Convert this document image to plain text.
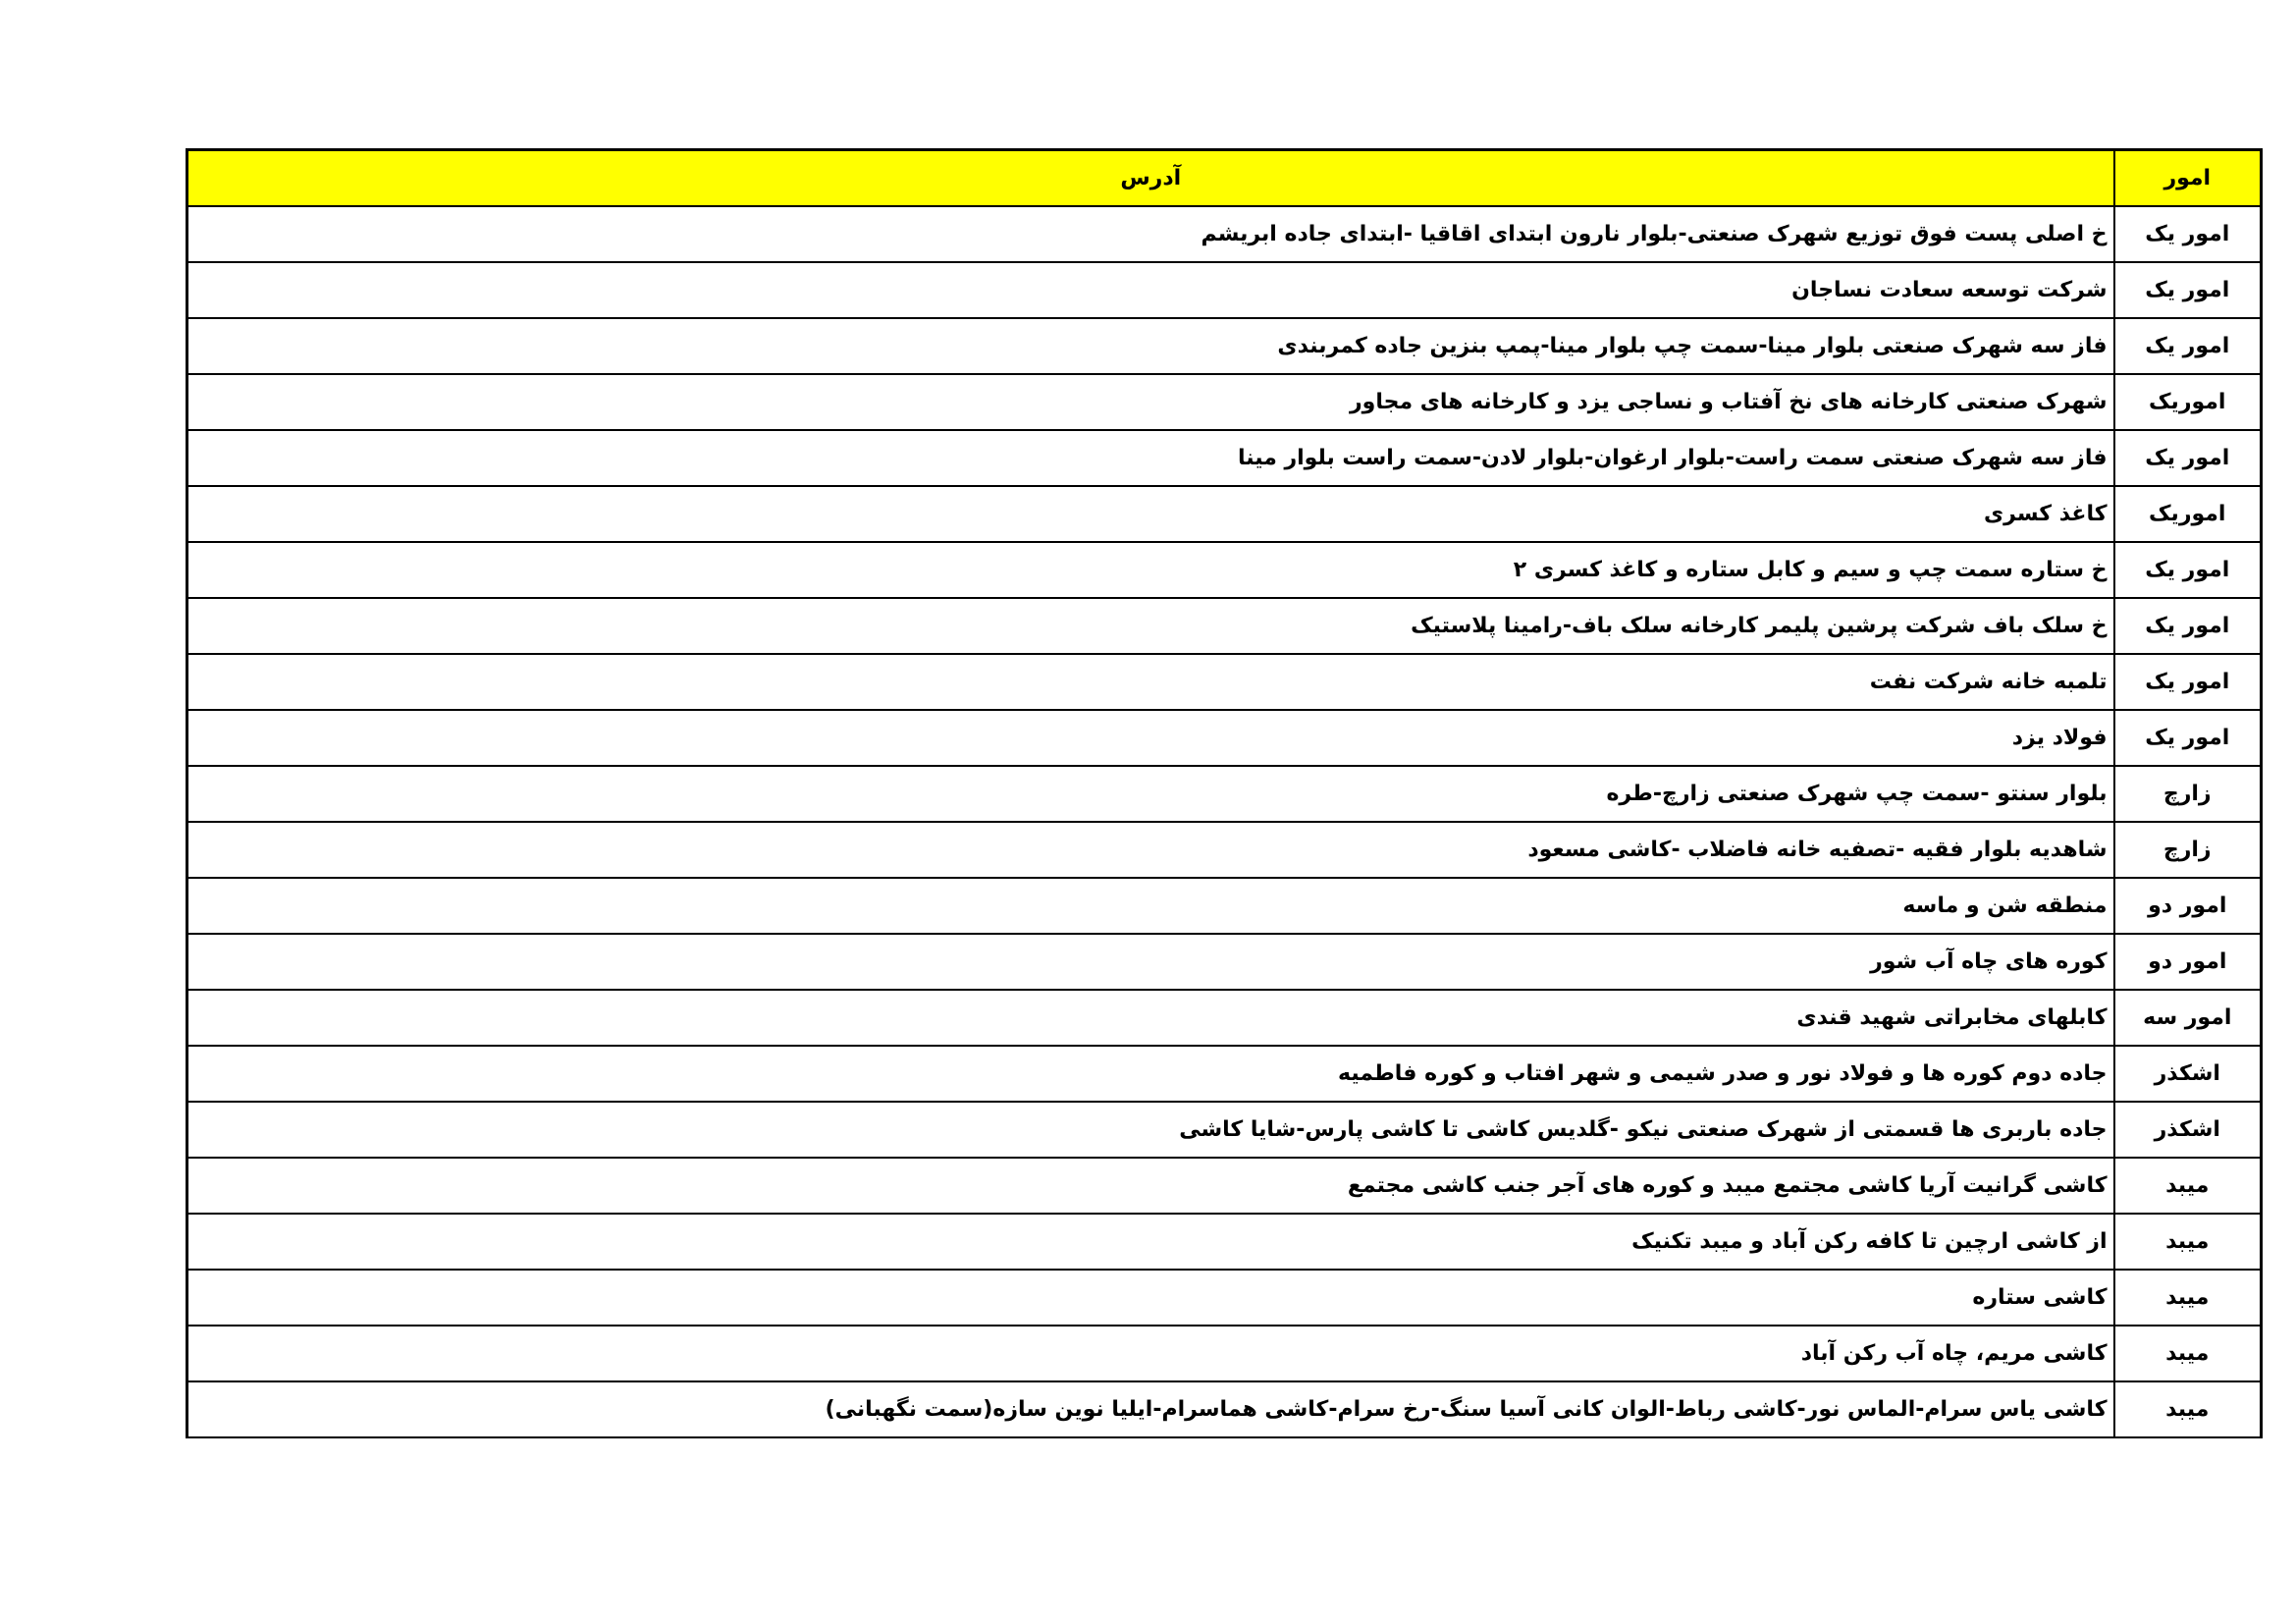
امور	آدرس
امور یک	خ اصلی پست فوق توزیع شهرک صنعتی-بلوار نارون ابتدای اقاقیا -ابتدای جاده ابریشم
امور یک	شرکت توسعه سعادت نساجان
امور یک	فاز سه شهرک صنعتی بلوار مینا-سمت چپ بلوار مینا-پمپ بنزین جاده کمربندی
اموریک	شهرک صنعتی کارخانه های نخ آفتاب و نساجی یزد و کارخانه های مجاور
امور یک	فاز سه شهرک صنعتی سمت راست-بلوار ارغوان-بلوار لادن-سمت راست بلوار مینا
اموریک	کاغذ کسری
امور یک	خ ستاره سمت چپ و سیم و کابل ستاره و کاغذ کسری ۲
امور یک	خ سلک باف شرکت پرشین پلیمر کارخانه سلک باف-رامینا پلاستیک
امور یک	تلمبه خانه شرکت نفت
امور یک	فولاد یزد
زارچ	بلوار سنتو -سمت چپ شهرک صنعتی زارچ-طره
زارچ	شاهدیه بلوار فقیه -تصفیه خانه فاضلاب -کاشی مسعود
امور دو	منطقه شن و ماسه
امور دو	کوره های چاه آب شور
امور سه	کابلهای مخابراتی شهید قندی
اشکذر	جاده دوم کوره ها و فولاد نور و صدر شیمی و شهر افتاب و کوره فاطمیه
اشکذر	جاده باربری ها قسمتی از شهرک صنعتی نیکو -گلدیس کاشی تا کاشی پارس-شایا کاشی
میبد	کاشی گرانیت آریا کاشی مجتمع میبد و کوره های آجر جنب کاشی مجتمع
میبد	از کاشی ارچین تا کافه رکن آباد و میبد تکنیک
میبد	کاشی ستاره
میبد	کاشی مریم، چاه آب رکن آباد
میبد	کاشی یاس سرام-الماس نور-کاشی رباط-الوان کانی آسیا سنگ-رخ سرام-کاشی هماسرام-ایلیا نوین سازه(سمت نگهبانی)
